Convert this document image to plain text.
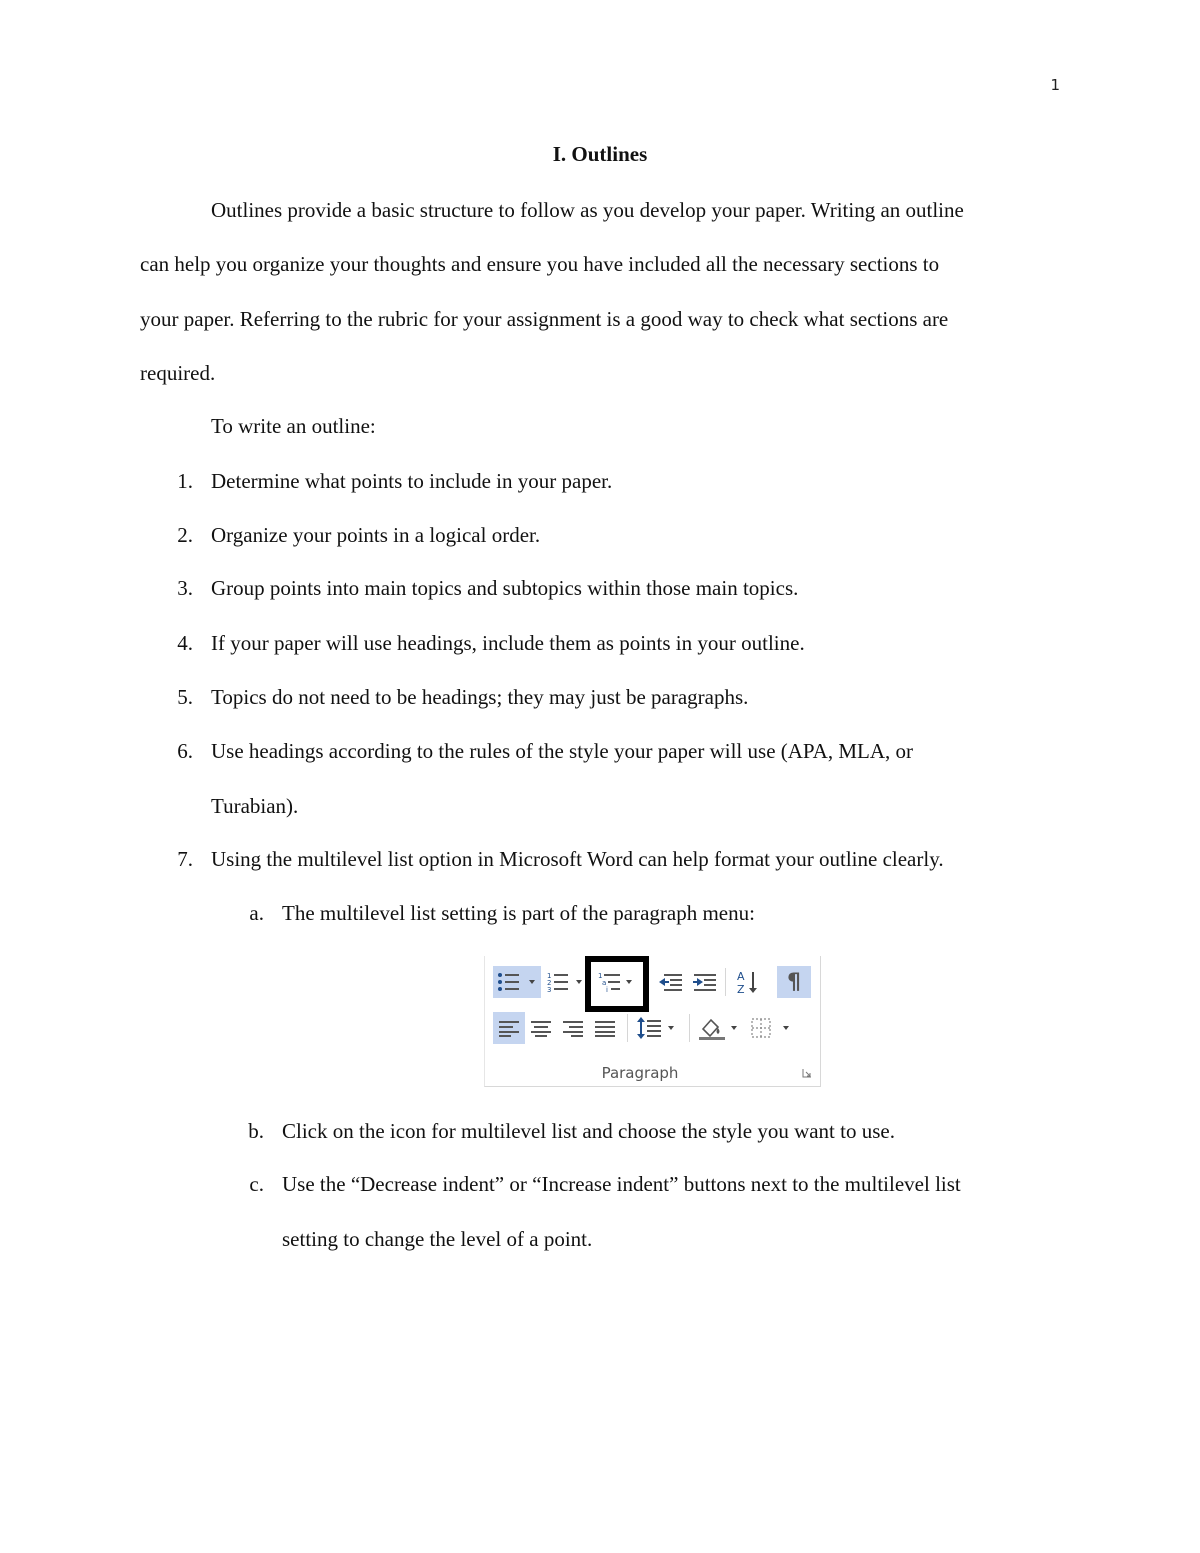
1
I. Outlines
Outlines provide a basic structure to follow as you develop your paper. Writing an outline
can help you organize your thoughts and ensure you have included all the necessary sections to
your paper. Referring to the rubric for your assignment is a good way to check what sections are
required.
To write an outline:
1. Determine what points to include in your paper.
2. Organize your points in a logical order.
3. Group points into main topics and subtopics within those main topics.
4. If your paper will use headings, include them as points in your outline.
5. Topics do not need to be headings; they may just be paragraphs.
6. Use headings according to the rules of the style your paper will use (APA, MLA, or
Turabian).
7. Using the multilevel list option in Microsoft Word can help format your outline clearly.
a. The multilevel list setting is part of the paragraph menu:
1
2
3
1
a
i
A
Z ¶
Paragraph
b. Click on the icon for multilevel list and choose the style you want to use.
c. Use the “Decrease indent” or “Increase indent” buttons next to the multilevel list
setting to change the level of a point.
